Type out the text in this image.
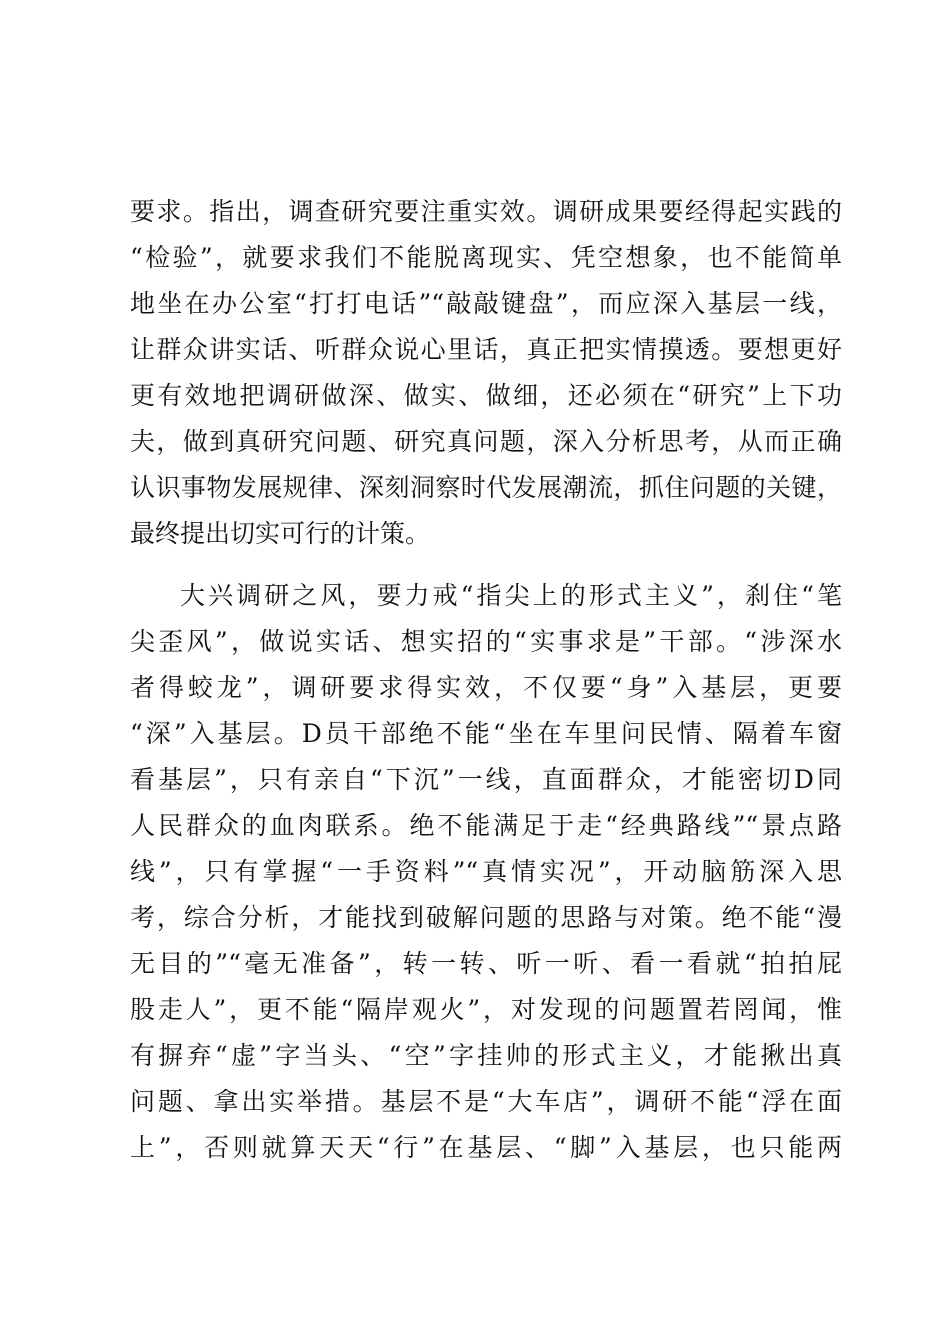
要求。指出，调查研究要注重实效。调研成果要经得起实践的
“检验”，就要求我们不能脱离现实、凭空想象，也不能简单
地坐在办公室“打打电话”“敲敲键盘”，而应深入基层一线，
让群众讲实话、听群众说心里话，真正把实情摸透。要想更好
更有效地把调研做深、做实、做细，还必须在“研究”上下功
夫，做到真研究问题、研究真问题，深入分析思考，从而正确
认识事物发展规律、深刻洞察时代发展潮流，抓住问题的关键，
最终提出切实可行的计策。
大兴调研之风，要力戒“指尖上的形式主义”，刹住“笔
尖歪风”，做说实话、想实招的“实事求是”干部。“涉深水
者得蛟龙”，调研要求得实效，不仅要“身”入基层，更要
“深”入基层。D员干部绝不能“坐在车里问民情、隔着车窗
看基层”，只有亲自“下沉”一线，直面群众，才能密切D同
人民群众的血肉联系。绝不能满足于走“经典路线”“景点路
线”，只有掌握“一手资料”“真情实况”，开动脑筋深入思
考，综合分析，才能找到破解问题的思路与对策。绝不能“漫
无目的”“毫无准备”，转一转、听一听、看一看就“拍拍屁
股走人”，更不能“隔岸观火”，对发现的问题置若罔闻，惟
有摒弃“虚”字当头、“空”字挂帅的形式主义，才能揪出真
问题、拿出实举措。基层不是“大车店”，调研不能“浮在面
上”，否则就算天天“行”在基层、“脚”入基层，也只能两
